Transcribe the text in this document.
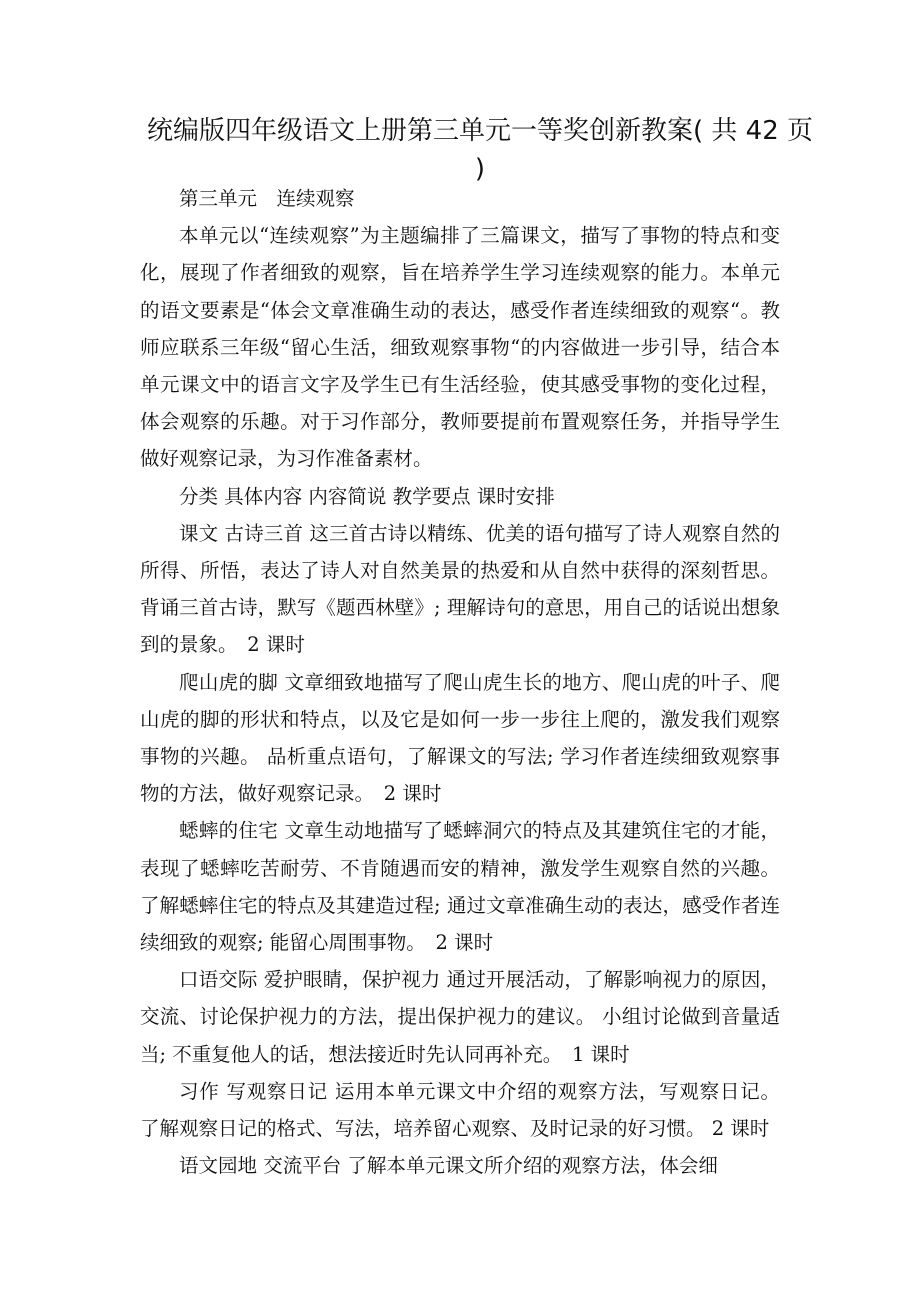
统编版四年级语文上册第三单元一等奖创新教案( 共 42 页 )

第三单元　连续观察

本单元以“连续观察”为主题编排了三篇课文，描写了事物的特点和变化，展现了作者细致的观察，旨在培养学生学习连续观察的能力。本单元的语文要素是“体会文章准确生动的表达，感受作者连续细致的观察“。教师应联系三年级“留心生活，细致观察事物“的内容做进一步引导，结合本单元课文中的语言文字及学生已有生活经验，使其感受事物的变化过程，体会观察的乐趣。对于习作部分，教师要提前布置观察任务，并指导学生做好观察记录，为习作准备素材。

分类 具体内容 内容简说 教学要点 课时安排

课文 古诗三首 这三首古诗以精练、优美的语句描写了诗人观察自然的所得、所悟，表达了诗人对自然美景的热爱和从自然中获得的深刻哲思。 背诵三首古诗，默写《题西林壁》; 理解诗句的意思，用自己的话说出想象到的景象。　2 课时

爬山虎的脚 文章细致地描写了爬山虎生长的地方、爬山虎的叶子、爬山虎的脚的形状和特点，以及它是如何一步一步往上爬的，激发我们观察事物的兴趣。 品析重点语句，了解课文的写法; 学习作者连续细致观察事物的方法，做好观察记录。　2 课时

蟋蟀的住宅 文章生动地描写了蟋蟀洞穴的特点及其建筑住宅的才能，表现了蟋蟀吃苦耐劳、不肯随遇而安的精神，激发学生观察自然的兴趣。 了解蟋蟀住宅的特点及其建造过程; 通过文章准确生动的表达，感受作者连续细致的观察; 能留心周围事物。　2 课时

口语交际 爱护眼睛，保护视力 通过开展活动，了解影响视力的原因，交流、讨论保护视力的方法，提出保护视力的建议。 小组讨论做到音量适当; 不重复他人的话，想法接近时先认同再补充。　1 课时

习作 写观察日记 运用本单元课文中介绍的观察方法，写观察日记。 了解观察日记的格式、写法，培养留心观察、及时记录的好习惯。 2 课时

语文园地 交流平台 了解本单元课文所介绍的观察方法，体会细
